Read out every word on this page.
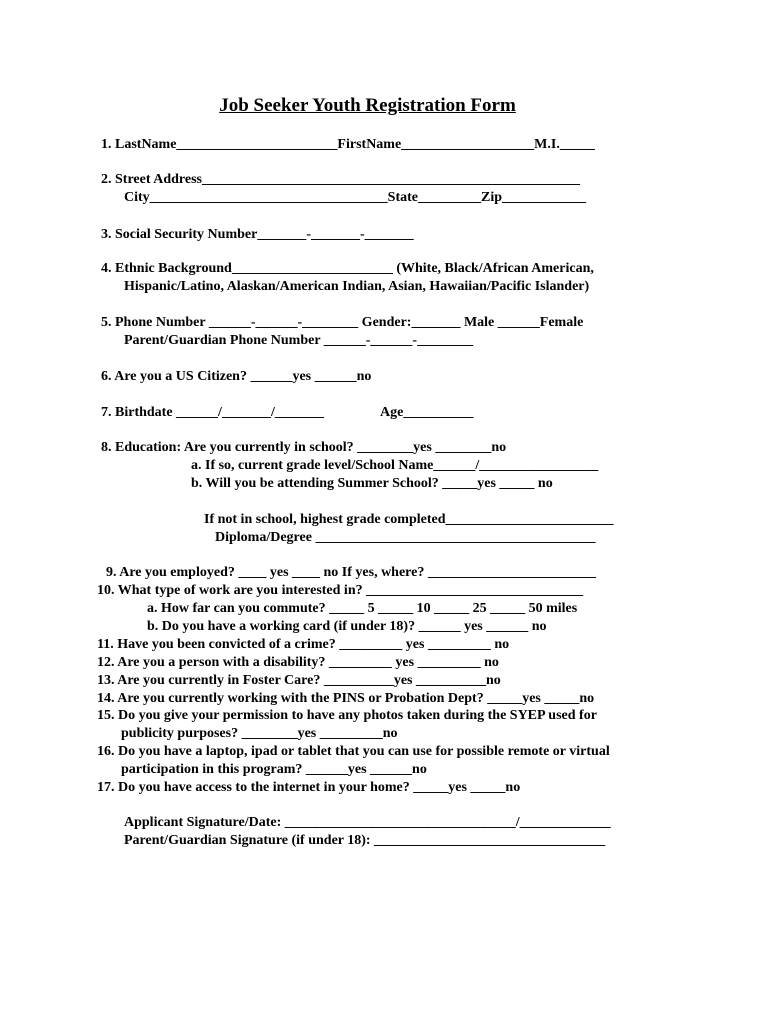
Job Seeker Youth Registration Form
1. LastName_______________________FirstName___________________M.I._____
2. Street Address______________________________________________________
City__________________________________State_________Zip____________
3. Social Security Number_______-_______-_______
4. Ethnic Background_______________________ (White, Black/African American,
Hispanic/Latino, Alaskan/American Indian, Asian, Hawaiian/Pacific Islander)
5. Phone Number ______-______-________ Gender:_______ Male ______Female
Parent/Guardian Phone Number ______-______-________
6. Are you a US Citizen? ______yes ______no
7. Birthdate ______/_______/_______	Age__________
8. Education: Are you currently in school? ________yes ________no
a. If so, current grade level/School Name______/_________________
b. Will you be attending Summer School? _____yes _____ no
If not in school, highest grade completed________________________
Diploma/Degree ________________________________________
9. Are you employed? ____ yes ____ no If yes, where? ________________________
10. What type of work are you interested in? _______________________________
a. How far can you commute? _____ 5 _____ 10 _____ 25 _____ 50 miles
b. Do you have a working card (if under 18)? ______ yes ______ no
11. Have you been convicted of a crime? _________ yes _________ no
12. Are you a person with a disability? _________ yes _________ no
13. Are you currently in Foster Care? __________yes __________no
14. Are you currently working with the PINS or Probation Dept? _____yes _____no
15. Do you give your permission to have any photos taken during the SYEP used for
publicity purposes? ________yes _________no
16. Do you have a laptop, ipad or tablet that you can use for possible remote or virtual
participation in this program? ______yes ______no
17. Do you have access to the internet in your home? _____yes _____no
Applicant Signature/Date: _________________________________/_____________
Parent/Guardian Signature (if under 18): _________________________________
